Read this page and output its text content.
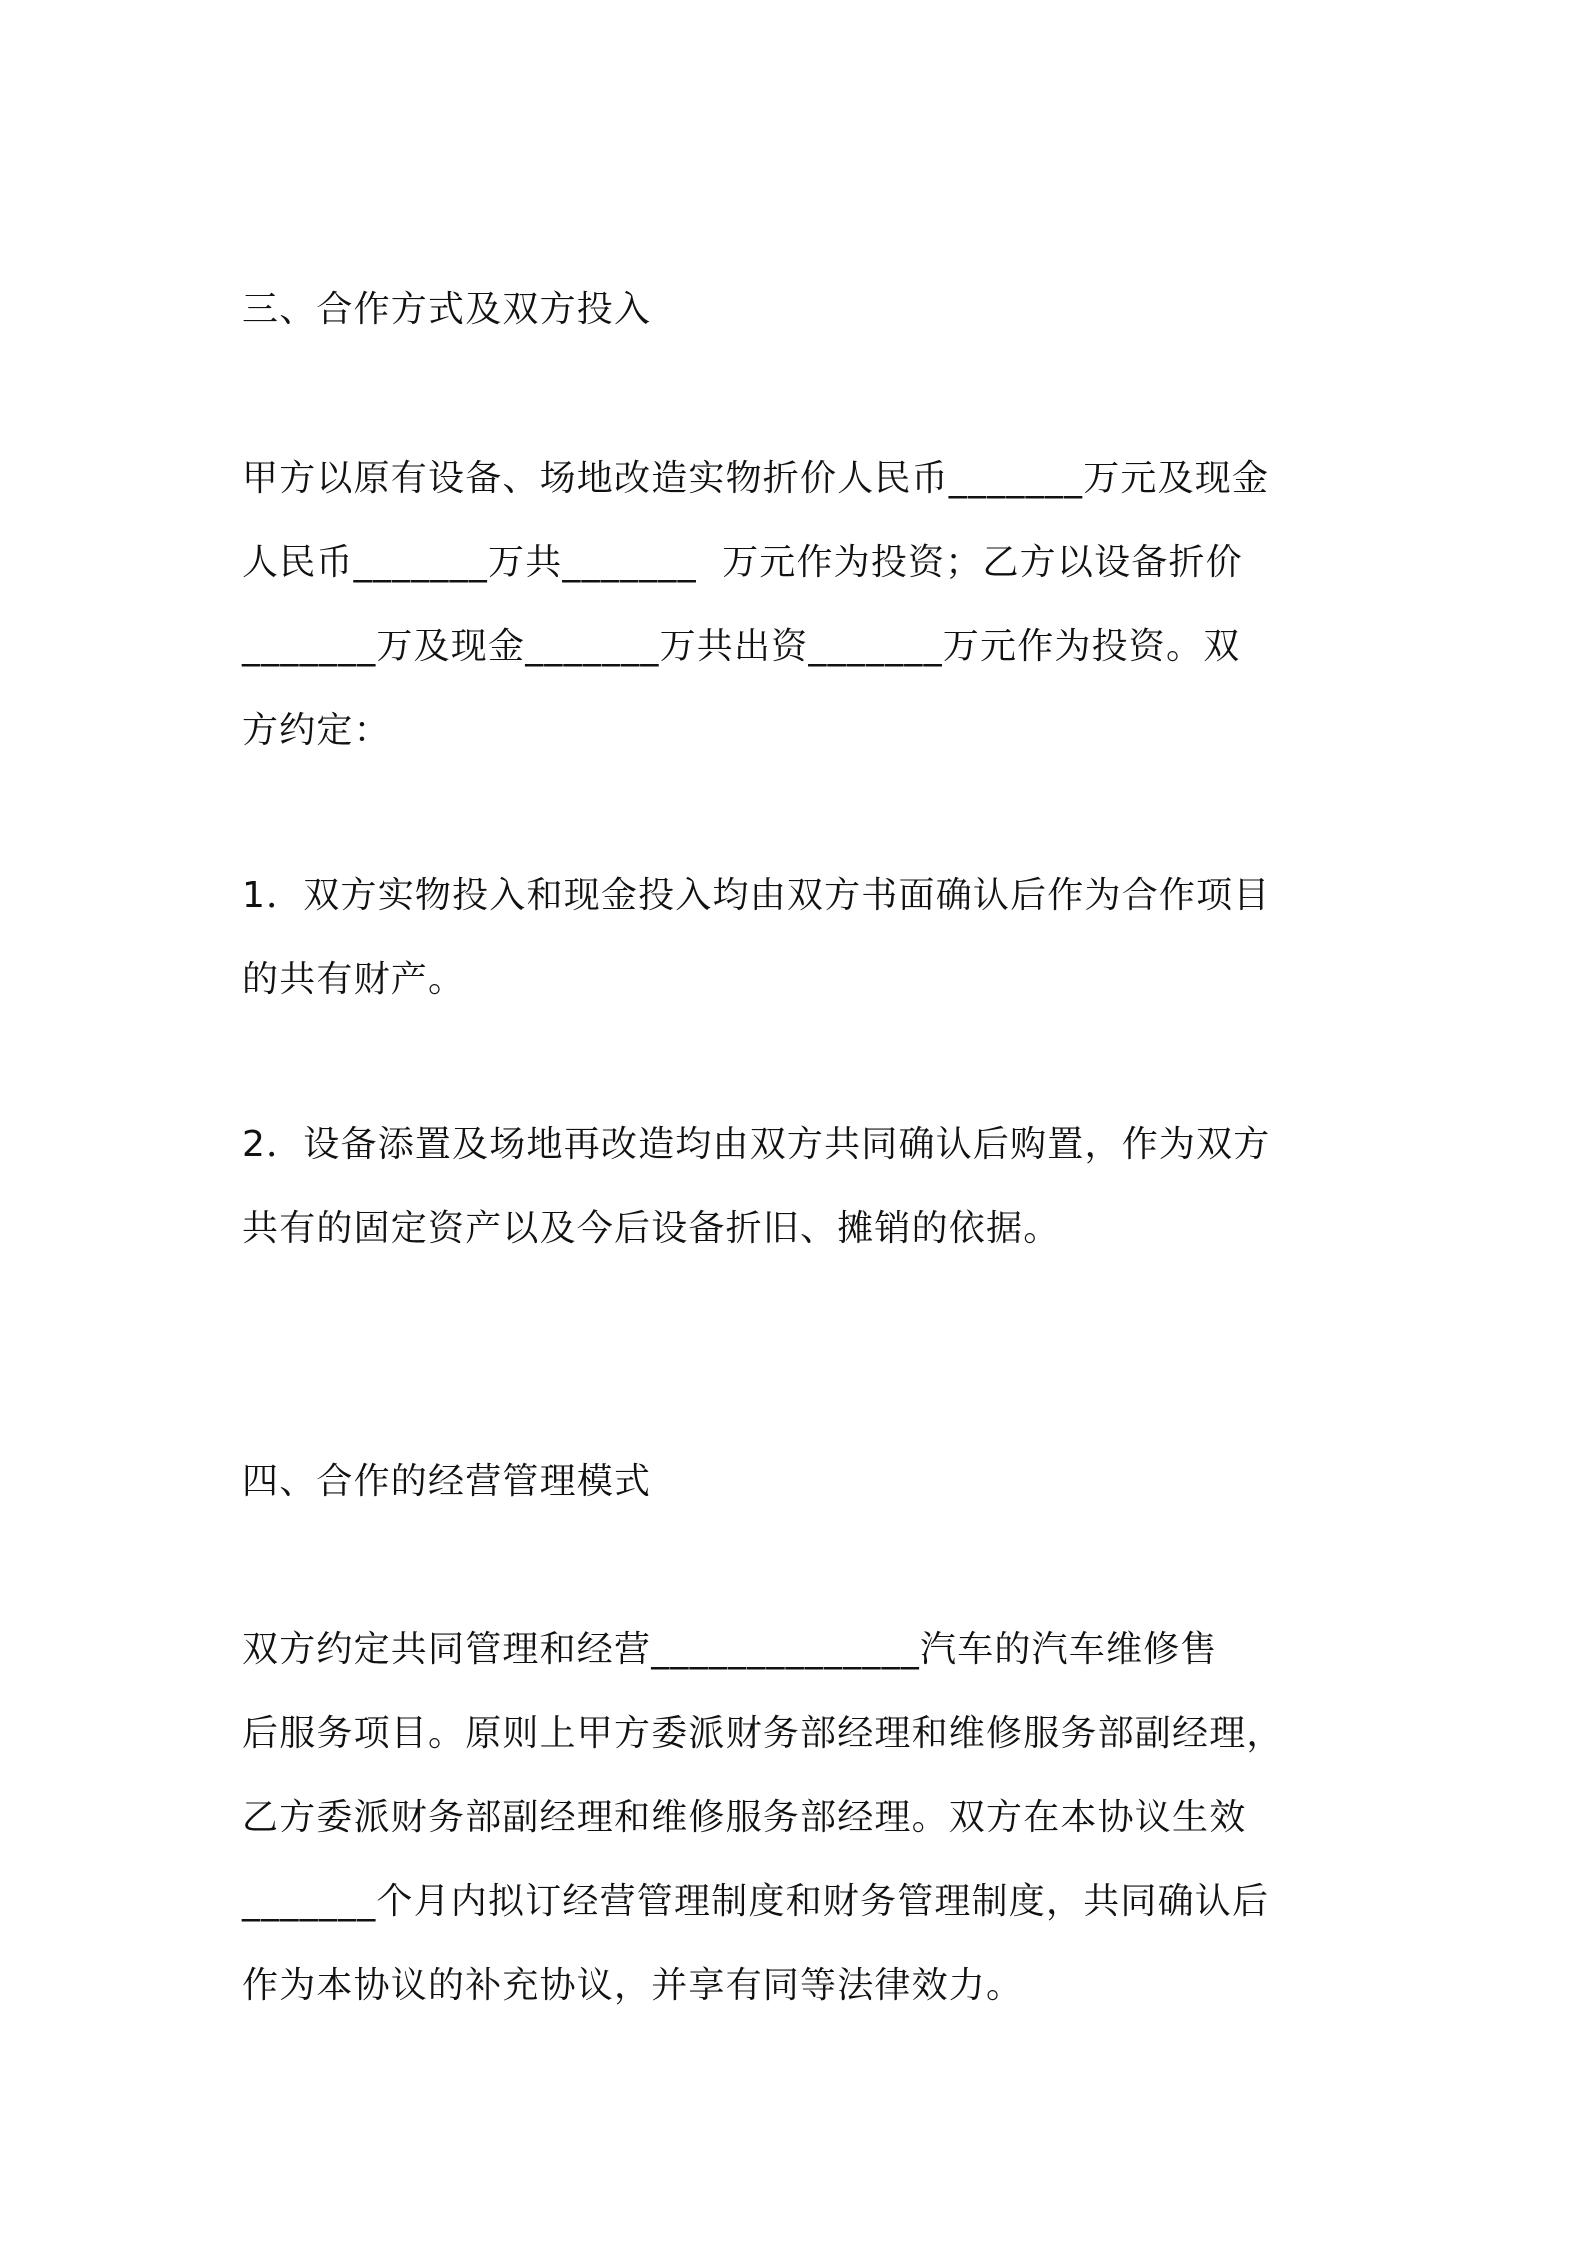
三、合作方式及双方投入

甲方以原有设备、场地改造实物折价人民币_______万元及现金

人民币_______万共_______  万元作为投资；乙方以设备折价

_______万及现金_______万共出资_______万元作为投资。双

方约定：

1．双方实物投入和现金投入均由双方书面确认后作为合作项目

的共有财产。

2．设备添置及场地再改造均由双方共同确认后购置，作为双方

共有的固定资产以及今后设备折旧、摊销的依据。

四、合作的经营管理模式

双方约定共同管理和经营______________汽车的汽车维修售

后服务项目。原则上甲方委派财务部经理和维修服务部副经理，

乙方委派财务部副经理和维修服务部经理。双方在本协议生效

_______个月内拟订经营管理制度和财务管理制度，共同确认后

作为本协议的补充协议，并享有同等法律效力。
